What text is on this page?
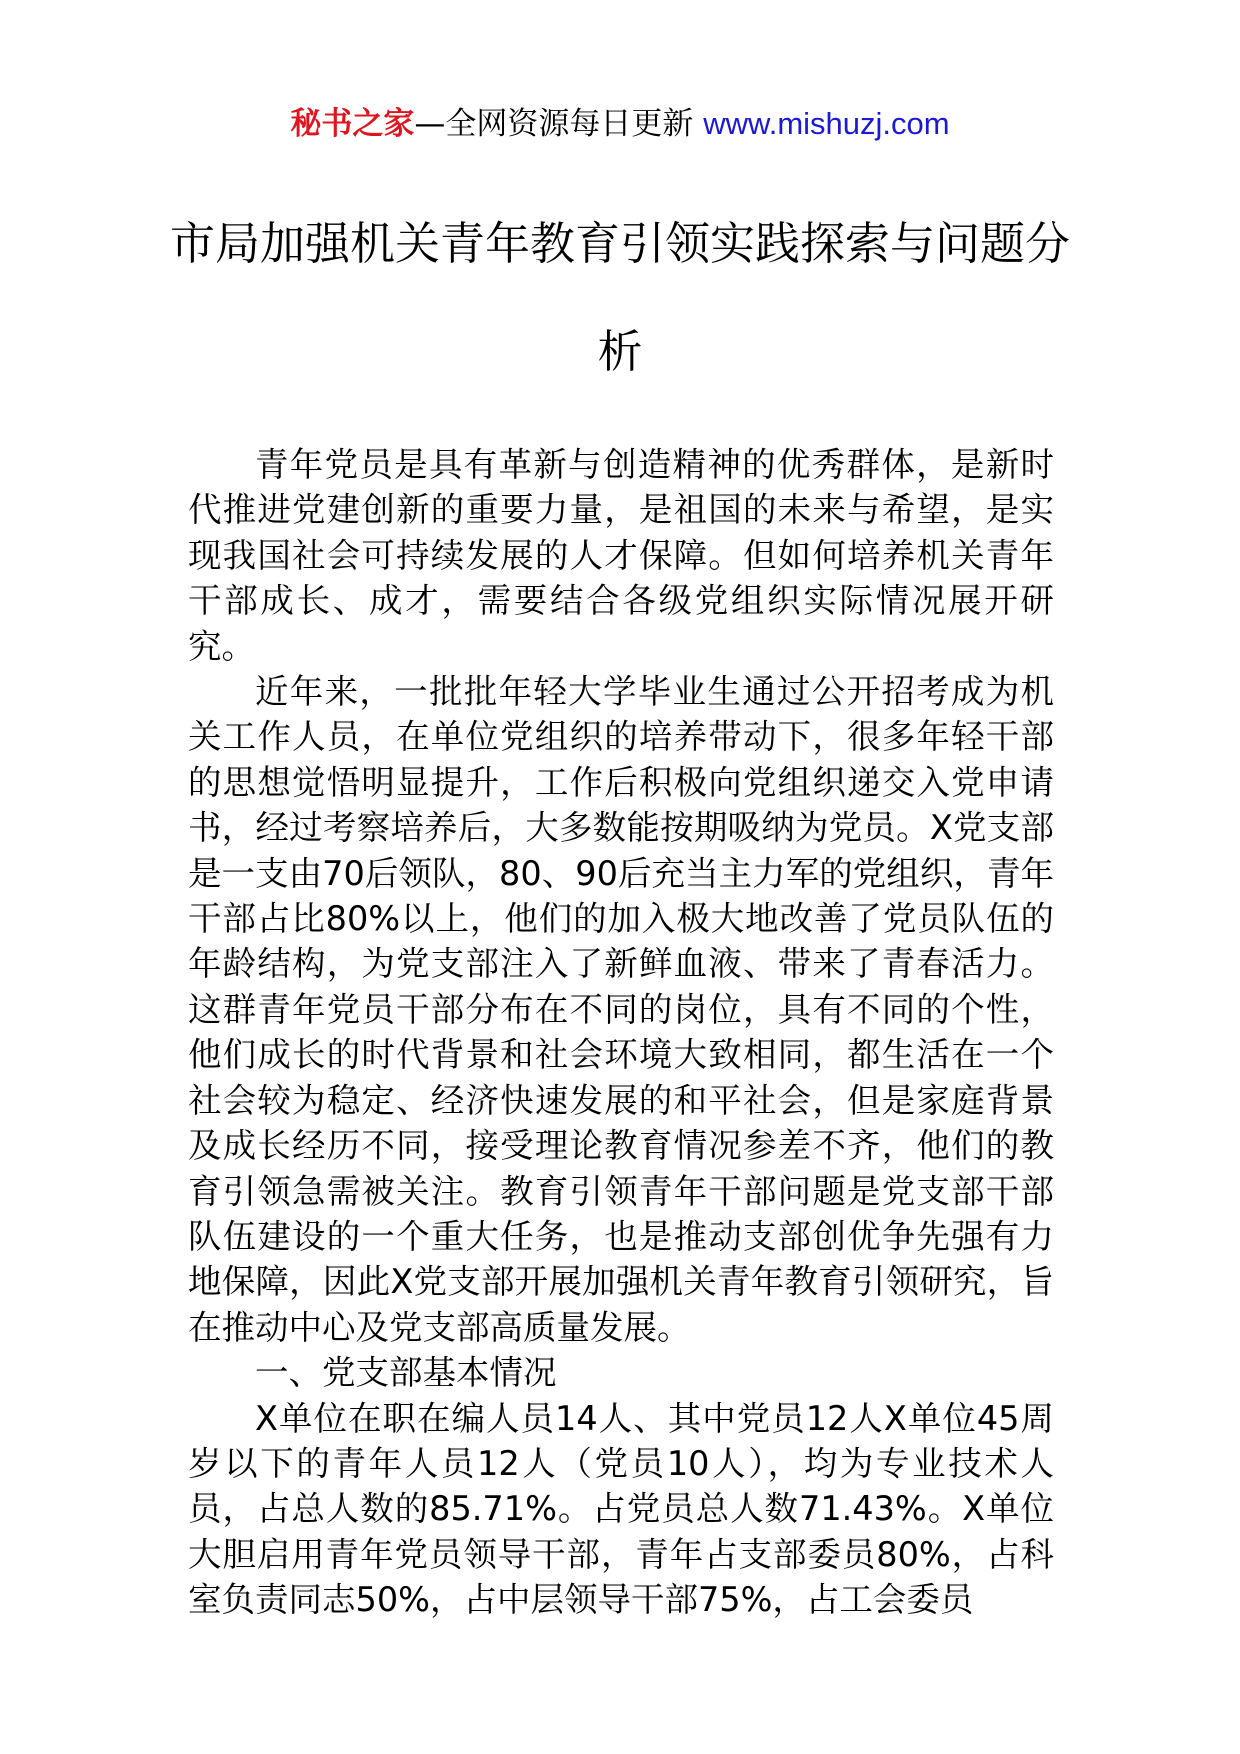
秘书之家—全网资源每日更新 www.mishuzj.com
市局加强机关青年教育引领实践探索与问题分析

青年党员是具有革新与创造精神的优秀群体，是新时代推进党建创新的重要力量，是祖国的未来与希望，是实现我国社会可持续发展的人才保障。但如何培养机关青年干部成长、成才，需要结合各级党组织实际情况展开研究。

近年来，一批批年轻大学毕业生通过公开招考成为机关工作人员，在单位党组织的培养带动下，很多年轻干部的思想觉悟明显提升，工作后积极向党组织递交入党申请书，经过考察培养后，大多数能按期吸纳为党员。X党支部是一支由70后领队，80、90后充当主力军的党组织，青年干部占比80%以上，他们的加入极大地改善了党员队伍的年龄结构，为党支部注入了新鲜血液、带来了青春活力。这群青年党员干部分布在不同的岗位，具有不同的个性，他们成长的时代背景和社会环境大致相同，都生活在一个社会较为稳定、经济快速发展的和平社会，但是家庭背景及成长经历不同，接受理论教育情况参差不齐，他们的教育引领急需被关注。教育引领青年干部问题是党支部干部队伍建设的一个重大任务，也是推动支部创优争先强有力地保障，因此X党支部开展加强机关青年教育引领研究，旨在推动中心及党支部高质量发展。

一、党支部基本情况

X单位在职在编人员14人、其中党员12人X单位45周岁以下的青年人员12人（党员10人），均为专业技术人员，占总人数的85.71%。占党员总人数71.43%。X单位大胆启用青年党员领导干部，青年占支部委员80%，占科室负责同志50%，占中层领导干部75%，占工会委员
